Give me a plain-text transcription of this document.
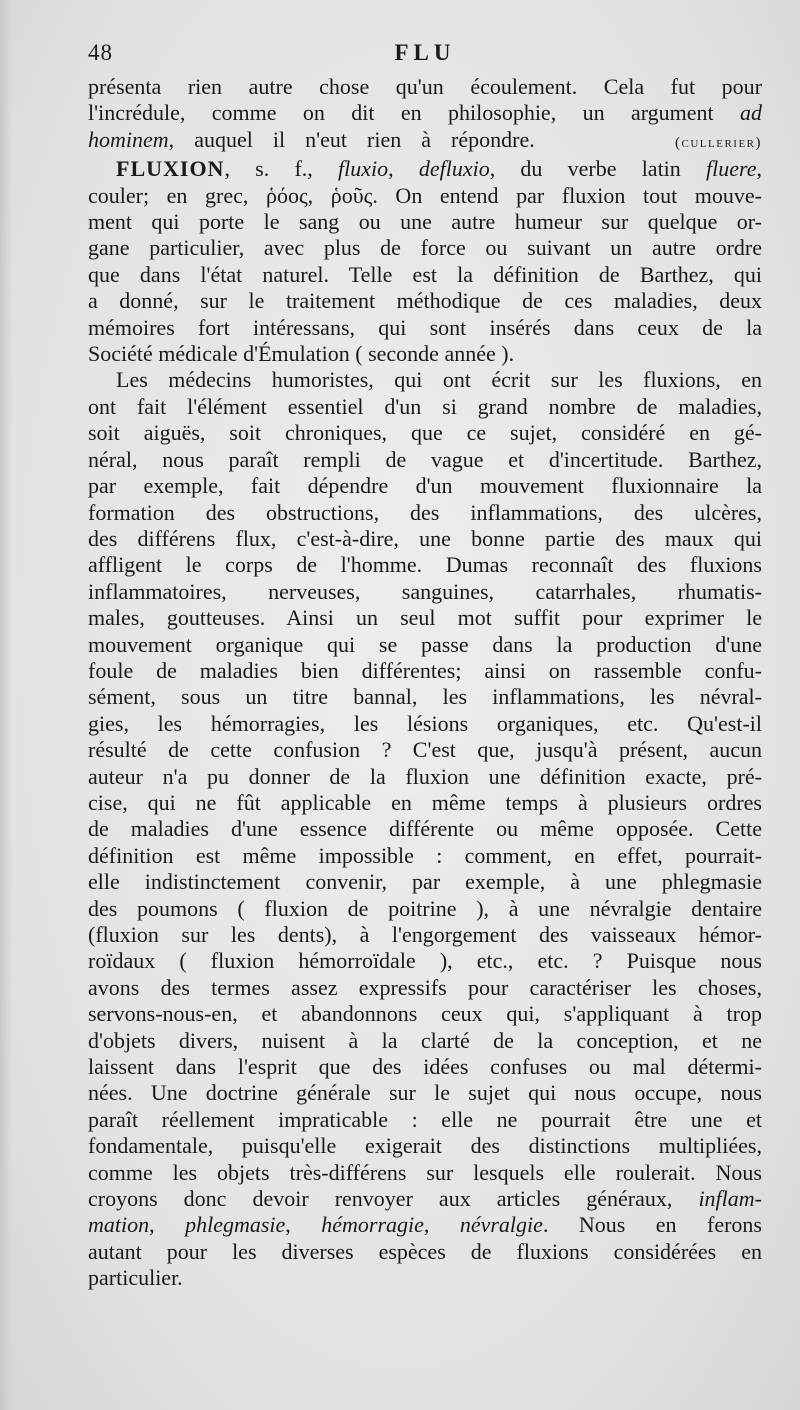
48	FLU
présenta rien autre chose qu'un écoulement. Cela fut pour
l'incrédule, comme on dit en philosophie, un argument ad
hominem, auquel il n'eut rien à répondre.	(cullerier)
FLUXION, s. f., fluxio, defluxio, du verbe latin fluere,
couler; en grec, ῥόος, ῥοῦς. On entend par fluxion tout mouve-
ment qui porte le sang ou une autre humeur sur quelque or-
gane particulier, avec plus de force ou suivant un autre ordre
que dans l'état naturel. Telle est la définition de Barthez, qui
a donné, sur le traitement méthodique de ces maladies, deux
mémoires fort intéressans, qui sont insérés dans ceux de la
Société médicale d'Émulation ( seconde année ).
Les médecins humoristes, qui ont écrit sur les fluxions, en
ont fait l'élément essentiel d'un si grand nombre de maladies,
soit aiguës, soit chroniques, que ce sujet, considéré en gé-
néral, nous paraît rempli de vague et d'incertitude. Barthez,
par exemple, fait dépendre d'un mouvement fluxionnaire la
formation des obstructions, des inflammations, des ulcères,
des différens flux, c'est-à-dire, une bonne partie des maux qui
affligent le corps de l'homme. Dumas reconnaît des fluxions
inflammatoires, nerveuses, sanguines, catarrhales, rhumatis-
males, goutteuses. Ainsi un seul mot suffit pour exprimer le
mouvement organique qui se passe dans la production d'une
foule de maladies bien différentes; ainsi on rassemble confu-
sément, sous un titre bannal, les inflammations, les névral-
gies, les hémorragies, les lésions organiques, etc. Qu'est-il
résulté de cette confusion ? C'est que, jusqu'à présent, aucun
auteur n'a pu donner de la fluxion une définition exacte, pré-
cise, qui ne fût applicable en même temps à plusieurs ordres
de maladies d'une essence différente ou même opposée. Cette
définition est même impossible : comment, en effet, pourrait-
elle indistinctement convenir, par exemple, à une phlegmasie
des poumons ( fluxion de poitrine ), à une névralgie dentaire
(fluxion sur les dents), à l'engorgement des vaisseaux hémor-
roïdaux ( fluxion hémorroïdale ), etc., etc. ? Puisque nous
avons des termes assez expressifs pour caractériser les choses,
servons-nous-en, et abandonnons ceux qui, s'appliquant à trop
d'objets divers, nuisent à la clarté de la conception, et ne
laissent dans l'esprit que des idées confuses ou mal détermi-
nées. Une doctrine générale sur le sujet qui nous occupe, nous
paraît réellement impraticable : elle ne pourrait être une et
fondamentale, puisqu'elle exigerait des distinctions multipliées,
comme les objets très-différens sur lesquels elle roulerait. Nous
croyons donc devoir renvoyer aux articles généraux, inflam-
mation, phlegmasie, hémorragie, névralgie. Nous en ferons
autant pour les diverses espèces de fluxions considérées en
particulier.
